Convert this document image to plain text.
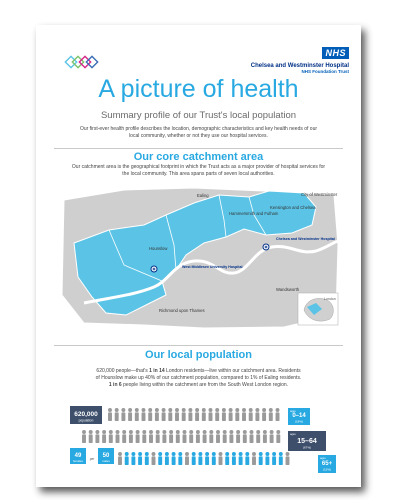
NHS
Chelsea and Westminster Hospital
NHS Foundation Trust
A picture of health
Summary profile of our Trust's local population
Our first-ever health profile describes the location, demographic characteristics and key health needs of our local community, whether or not they use our hospital services.
Our core catchment area
Our catchment area is the geographical footprint in which the Trust acts as a major provider of hospital services for the local community. This area spans parts of seven local authorities.
Ealing
Hammersmith and Fulham
Kensington and Chelsea
City of Westminster
Hounslow
Richmond upon Thames
Wandsworth
West Middlesex University Hospital
Chelsea and Westminster Hospital
London
Our local population
620,000 people—that's 1 in 14 London residents—live within our catchment area. Residents
of Hounslow make up 40% of our catchment population, compared to 1% of Ealing residents.
1 in 6 people living within the catchment are from the South West London region.
620,000
population
49
females per 50
males
0–14
(18%)
ages
15–64
(67%)
ages
65+
(15%)
ages
